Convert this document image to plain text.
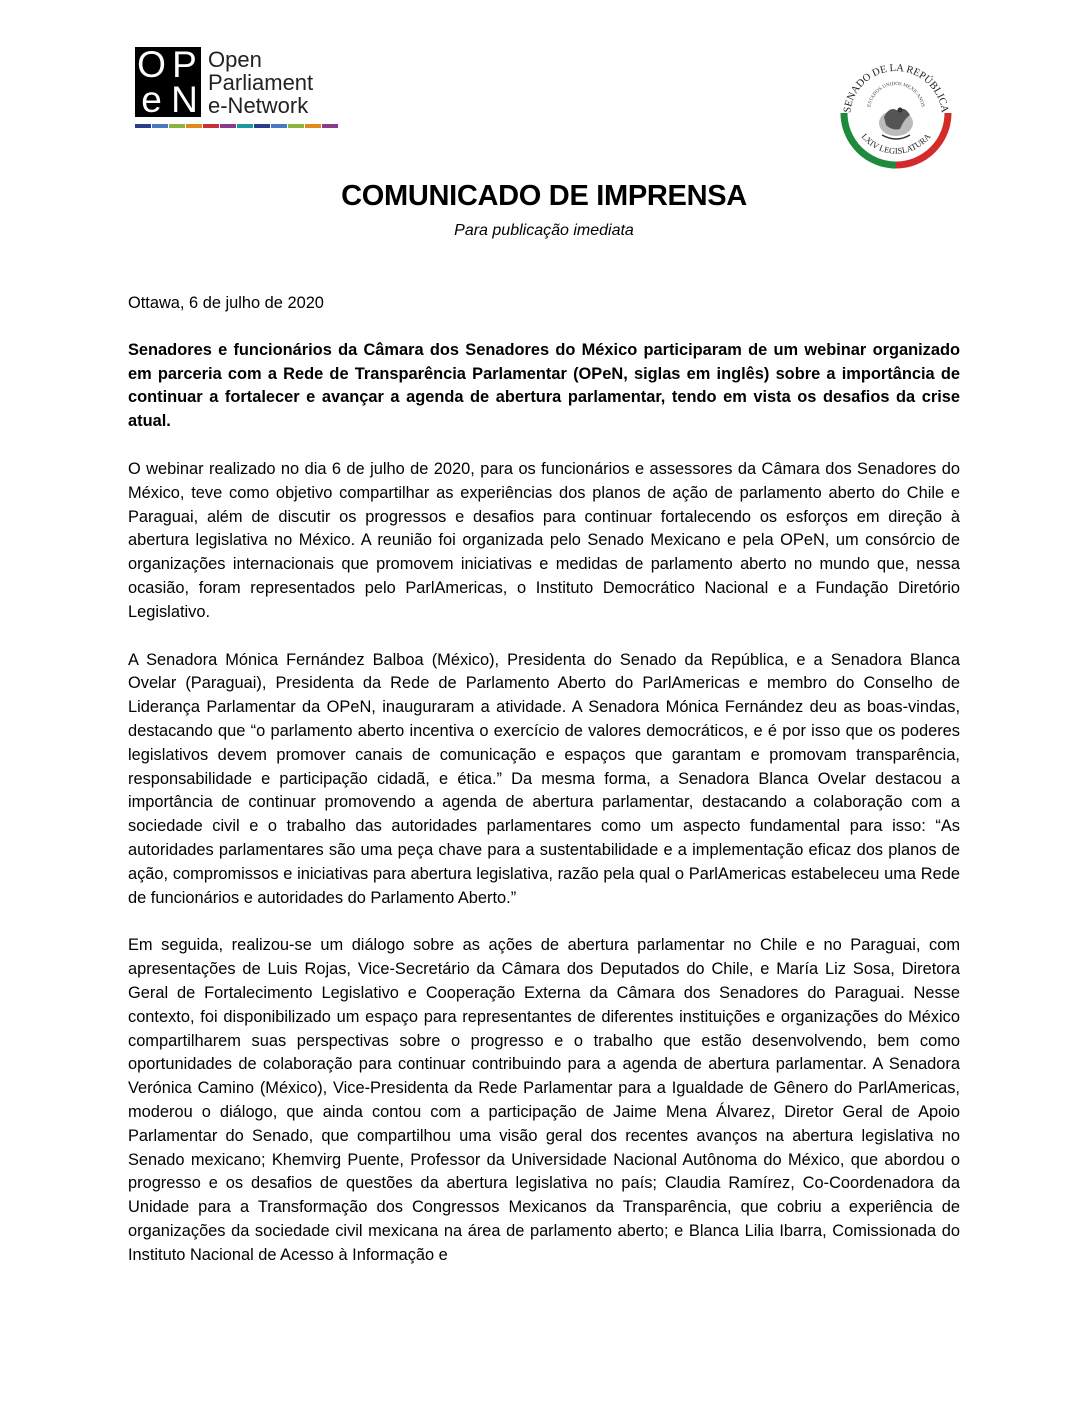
O P
e N
Open
Parliament
e-Network	SENADO DE LA REPÚBLICA
LXIV LEGISLATURA
ESTADOS UNIDOS MEXICANOS
COMUNICADO DE IMPRENSA
Para publicação imediata

Ottawa, 6 de julho de 2020

Senadores e funcionários da Câmara dos Senadores do México participaram de um webinar organizado em parceria com a Rede de Transparência Parlamentar (OPeN, siglas em inglês) sobre a importância de continuar a fortalecer e avançar a agenda de abertura parlamentar, tendo em vista os desafios da crise atual.

O webinar realizado no dia 6 de julho de 2020, para os funcionários e assessores da Câmara dos Senadores do México, teve como objetivo compartilhar as experiências dos planos de ação de parlamento aberto do Chile e Paraguai, além de discutir os progressos e desafios para continuar fortalecendo os esforços em direção à abertura legislativa no México. A reunião foi organizada pelo Senado Mexicano e pela OPeN, um consórcio de organizações internacionais que promovem iniciativas e medidas de parlamento aberto no mundo que, nessa ocasião, foram representados pelo ParlAmericas, o Instituto Democrático Nacional e a Fundação Diretório Legislativo.

A Senadora Mónica Fernández Balboa (México), Presidenta do Senado da República, e a Senadora Blanca Ovelar (Paraguai), Presidenta da Rede de Parlamento Aberto do ParlAmericas e membro do Conselho de Liderança Parlamentar da OPeN, inauguraram a atividade. A Senadora Mónica Fernández deu as boas-vindas, destacando que “o parlamento aberto incentiva o exercício de valores democráticos, e é por isso que os poderes legislativos devem promover canais de comunicação e espaços que garantam e promovam transparência, responsabilidade e participação cidadã, e ética.” Da mesma forma, a Senadora Blanca Ovelar destacou a importância de continuar promovendo a agenda de abertura parlamentar, destacando a colaboração com a sociedade civil e o trabalho das autoridades parlamentares como um aspecto fundamental para isso: “As autoridades parlamentares são uma peça chave para a sustentabilidade e a implementação eficaz dos planos de ação, compromissos e iniciativas para abertura legislativa, razão pela qual o ParlAmericas estabeleceu uma Rede de funcionários e autoridades do Parlamento Aberto.”

Em seguida, realizou-se um diálogo sobre as ações de abertura parlamentar no Chile e no Paraguai, com apresentações de Luis Rojas, Vice-Secretário da Câmara dos Deputados do Chile, e María Liz Sosa, Diretora Geral de Fortalecimento Legislativo e Cooperação Externa da Câmara dos Senadores do Paraguai. Nesse contexto, foi disponibilizado um espaço para representantes de diferentes instituições e organizações do México compartilharem suas perspectivas sobre o progresso e o trabalho que estão desenvolvendo, bem como oportunidades de colaboração para continuar contribuindo para a agenda de abertura parlamentar. A Senadora Verónica Camino (México), Vice-Presidenta da Rede Parlamentar para a Igualdade de Gênero do ParlAmericas, moderou o diálogo, que ainda contou com a participação de Jaime Mena Álvarez, Diretor Geral de Apoio Parlamentar do Senado, que compartilhou uma visão geral dos recentes avanços na abertura legislativa no Senado mexicano; Khemvirg Puente, Professor da Universidade Nacional Autônoma do México, que abordou o progresso e os desafios de questões da abertura legislativa no país; Claudia Ramírez, Co-Coordenadora da Unidade para a Transformação dos Congressos Mexicanos da Transparência, que cobriu a experiência de organizações da sociedade civil mexicana na área de parlamento aberto; e Blanca Lilia Ibarra, Comissionada do Instituto Nacional de Acesso à Informação e
